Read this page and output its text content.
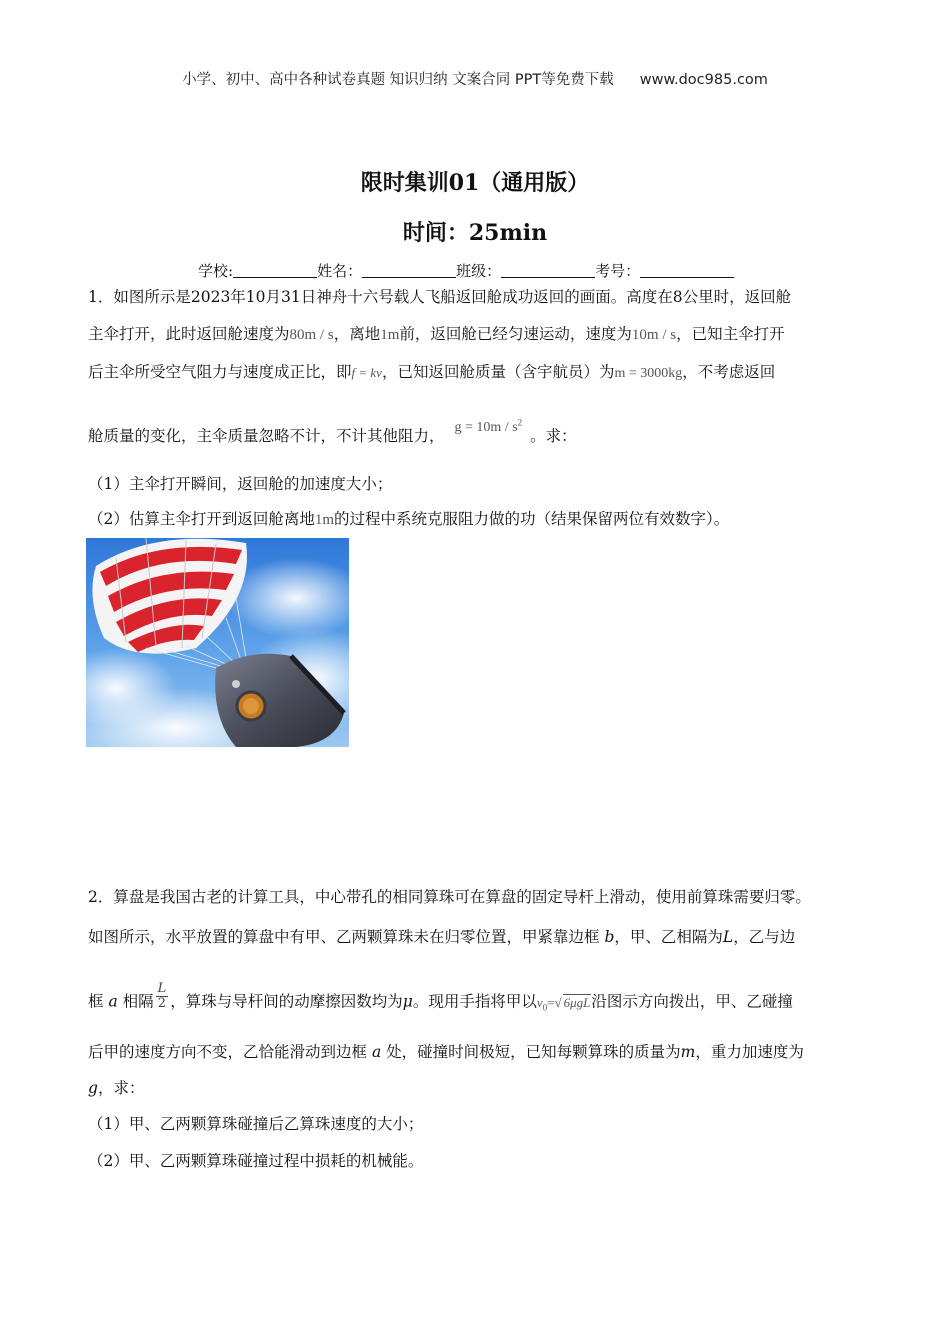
小学、初中、高中各种试卷真题 知识归纳 文案合同 PPT等免费下载 www.doc985.com
限时集训01（通用版）
时间：25min
学校:	姓名：	班级：	考号：
1．如图所示是2023年10月31日神舟十六号载人飞船返回舱成功返回的画面。高度在8公里时，返回舱
主伞打开，此时返回舱速度为80m / s，离地1m前，返回舱已经匀速运动，速度为10m / s，已知主伞打开
后主伞所受空气阻力与速度成正比，即f = kv，已知返回舱质量（含宇航员）为m = 3000kg，不考虑返回
舱质量的变化，主伞质量忽略不计，不计其他阻力， $g = 10m / s^2$。求：
（1）主伞打开瞬间，返回舱的加速度大小；
（2）估算主伞打开到返回舱离地1m的过程中系统克服阻力做的功（结果保留两位有效数字）。
2．算盘是我国古老的计算工具，中心带孔的相同算珠可在算盘的固定导杆上滑动，使用前算珠需要归零。
如图所示，水平放置的算盘中有甲、乙两颗算珠未在归零位置，甲紧靠边框 b，甲、乙相隔为L，乙与边
框 a 相隔 $\frac{L}{2}$ ，算珠与导杆间的动摩擦因数均为μ。现用手指将甲以$v_0=√$ 6μgL沿图示方向拨出，甲、乙碰撞
后甲的速度方向不变，乙恰能滑动到边框 a 处，碰撞时间极短，已知每颗算珠的质量为m，重力加速度为
g，求：
（1）甲、乙两颗算珠碰撞后乙算珠速度的大小；
（2）甲、乙两颗算珠碰撞过程中损耗的机械能。
